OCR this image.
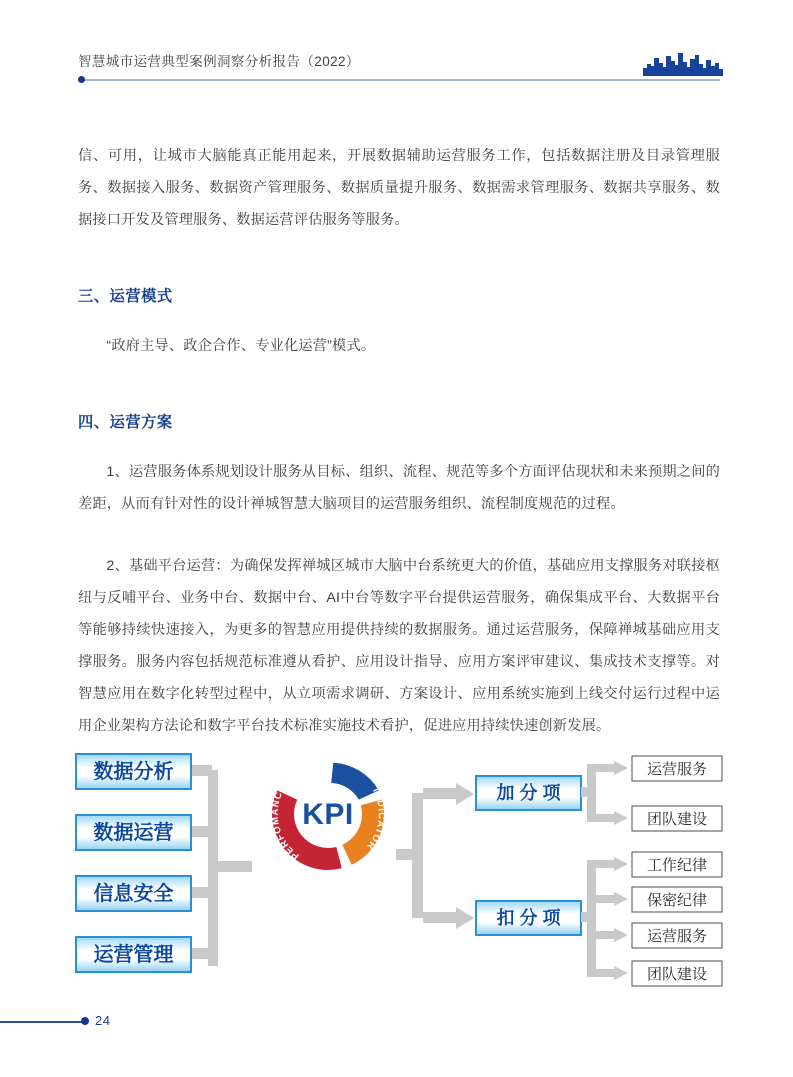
智慧城市运营典型案例洞察分析报告（2022）

信、可用，让城市大脑能真正能用起来，开展数据辅助运营服务工作，包括数据注册及目录管理服务、数据接入服务、数据资产管理服务、数据质量提升服务、数据需求管理服务、数据共享服务、数据接口开发及管理服务、数据运营评估服务等服务。

三、运营模式

“政府主导、政企合作、专业化运营”模式。

四、运营方案

1、运营服务体系规划设计服务从目标、组织、流程、规范等多个方面评估现状和未来预期之间的差距，从而有针对性的设计禅城智慧大脑项目的运营服务组织、流程制度规范的过程。

2、基础平台运营：为确保发挥禅城区城市大脑中台系统更大的价值，基础应用支撑服务对联接枢纽与反哺平台、业务中台、数据中台、AI中台等数字平台提供运营服务，确保集成平台、大数据平台等能够持续快速接入，为更多的智慧应用提供持续的数据服务。通过运营服务，保障禅城基础应用支撑服务。服务内容包括规范标准遵从看护、应用设计指导、应用方案评审建议、集成技术支撑等。对智慧应用在数字化转型过程中，从立项需求调研、方案设计、应用系统实施到上线交付运行过程中运用企业架构方法论和数字平台技术标准实施技术看护，促进应用持续快速创新发展。

数据分析
数据运营
信息安全
运营管理
KEY
INDICATOR
PERFOMANCE
KPI
加 分 项
运营服务
团队建设
扣 分 项
工作纪律
保密纪律
运营服务
团队建设
24
